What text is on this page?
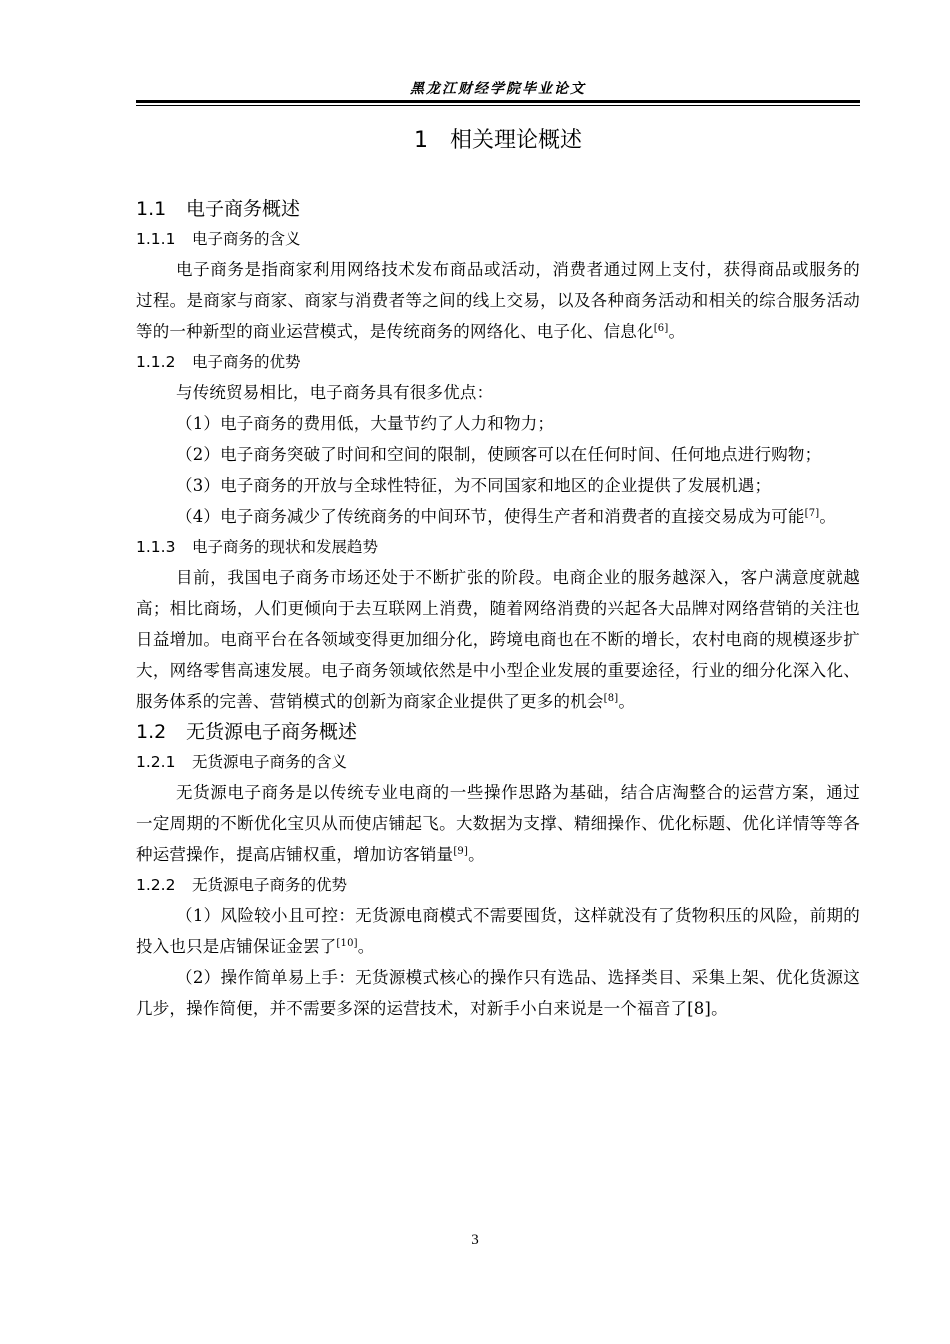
黑龙江财经学院毕业论文
1 相关理论概述
1.1 电子商务概述
1.1.1 电子商务的含义

电子商务是指商家利用网络技术发布商品或活动，消费者通过网上支付，获得商品或服务的过程。是商家与商家、商家与消费者等之间的线上交易，以及各种商务活动和相关的综合服务活动等的一种新型的商业运营模式，是传统商务的网络化、电子化、信息化[6]。

1.1.2 电子商务的优势

与传统贸易相比，电子商务具有很多优点：

（1）电子商务的费用低，大量节约了人力和物力；

（2）电子商务突破了时间和空间的限制，使顾客可以在任何时间、任何地点进行购物；

（3）电子商务的开放与全球性特征，为不同国家和地区的企业提供了发展机遇；

（4）电子商务减少了传统商务的中间环节，使得生产者和消费者的直接交易成为可能[7]。

1.1.3 电子商务的现状和发展趋势

目前，我国电子商务市场还处于不断扩张的阶段。电商企业的服务越深入，客户满意度就越高；相比商场，人们更倾向于去互联网上消费，随着网络消费的兴起各大品牌对网络营销的关注也日益增加。电商平台在各领域变得更加细分化，跨境电商也在不断的增长，农村电商的规模逐步扩大，网络零售高速发展。电子商务领域依然是中小型企业发展的重要途径，行业的细分化深入化、服务体系的完善、营销模式的创新为商家企业提供了更多的机会[8]。

1.2 无货源电子商务概述
1.2.1 无货源电子商务的含义

无货源电子商务是以传统专业电商的一些操作思路为基础，结合店淘整合的运营方案，通过一定周期的不断优化宝贝从而使店铺起飞。大数据为支撑、精细操作、优化标题、优化详情等等各种运营操作，提高店铺权重，增加访客销量[9]。

1.2.2 无货源电子商务的优势

（1）风险较小且可控：无货源电商模式不需要囤货，这样就没有了货物积压的风险，前期的投入也只是店铺保证金罢了[10]。

（2）操作简单易上手：无货源模式核心的操作只有选品、选择类目、采集上架、优化货源这几步，操作简便，并不需要多深的运营技术，对新手小白来说是一个福音了[8]。

3
